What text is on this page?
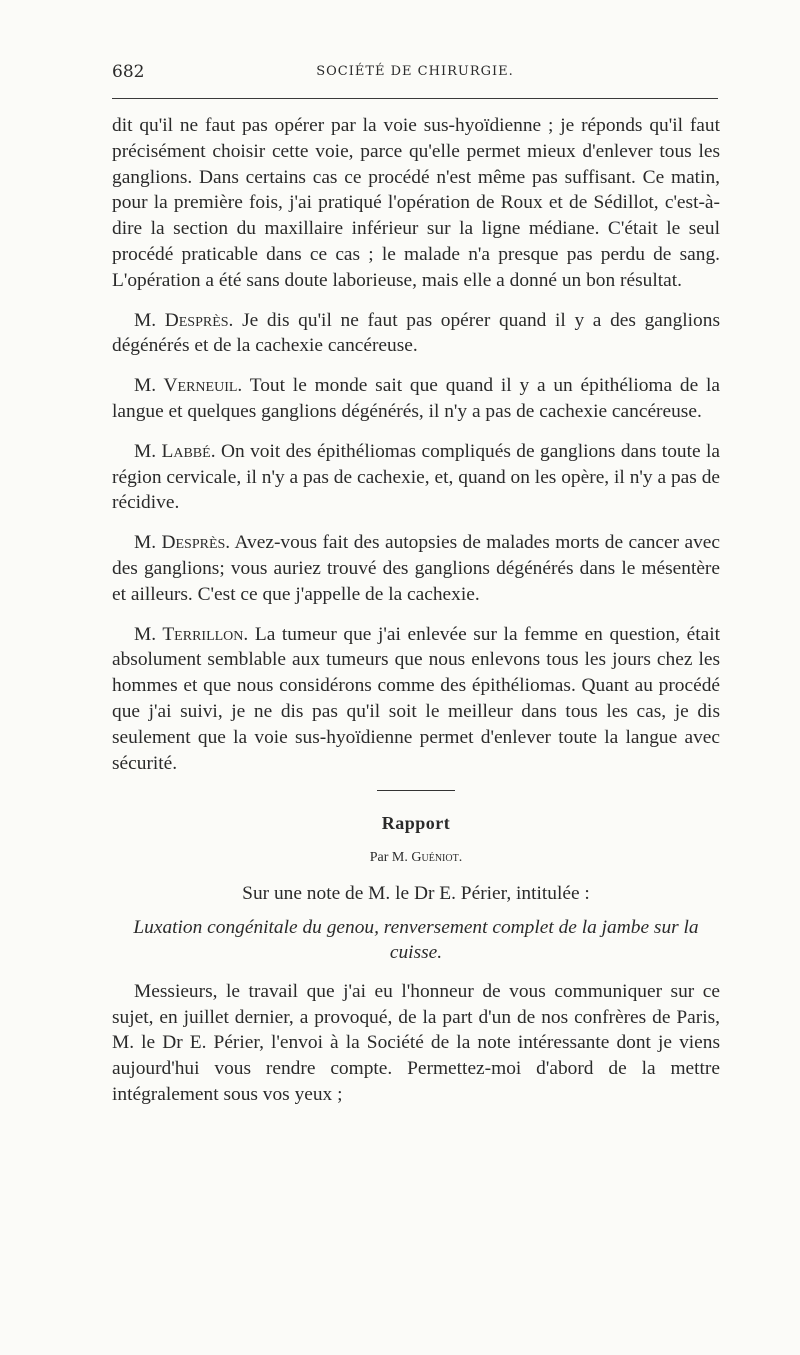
682	SOCIÉTÉ DE CHIRURGIE.

dit qu'il ne faut pas opérer par la voie sus-hyoïdienne ; je réponds qu'il faut précisément choisir cette voie, parce qu'elle permet mieux d'enlever tous les ganglions. Dans certains cas ce procédé n'est même pas suffisant. Ce matin, pour la première fois, j'ai pratiqué l'opération de Roux et de Sédillot, c'est-à-dire la section du maxillaire inférieur sur la ligne médiane. C'était le seul procédé praticable dans ce cas ; le malade n'a presque pas perdu de sang. L'opération a été sans doute laborieuse, mais elle a donné un bon résultat.

M. Desprès. Je dis qu'il ne faut pas opérer quand il y a des ganglions dégénérés et de la cachexie cancéreuse.

M. Verneuil. Tout le monde sait que quand il y a un épithélioma de la langue et quelques ganglions dégénérés, il n'y a pas de cachexie cancéreuse.

M. Labbé. On voit des épithéliomas compliqués de ganglions dans toute la région cervicale, il n'y a pas de cachexie, et, quand on les opère, il n'y a pas de récidive.

M. Desprès. Avez-vous fait des autopsies de malades morts de cancer avec des ganglions; vous auriez trouvé des ganglions dégénérés dans le mésentère et ailleurs. C'est ce que j'appelle de la cachexie.

M. Terrillon. La tumeur que j'ai enlevée sur la femme en question, était absolument semblable aux tumeurs que nous enlevons tous les jours chez les hommes et que nous considérons comme des épithéliomas. Quant au procédé que j'ai suivi, je ne dis pas qu'il soit le meilleur dans tous les cas, je dis seulement que la voie sus-hyoïdienne permet d'enlever toute la langue avec sécurité.

Rapport
Par M. Guéniot.
Sur une note de M. le Dr E. Périer, intitulée :
Luxation congénitale du genou, renversement complet de la jambe sur la cuisse.

Messieurs, le travail que j'ai eu l'honneur de vous communiquer sur ce sujet, en juillet dernier, a provoqué, de la part d'un de nos confrères de Paris, M. le Dr E. Périer, l'envoi à la Société de la note intéressante dont je viens aujourd'hui vous rendre compte. Permettez-moi d'abord de la mettre intégralement sous vos yeux ;
